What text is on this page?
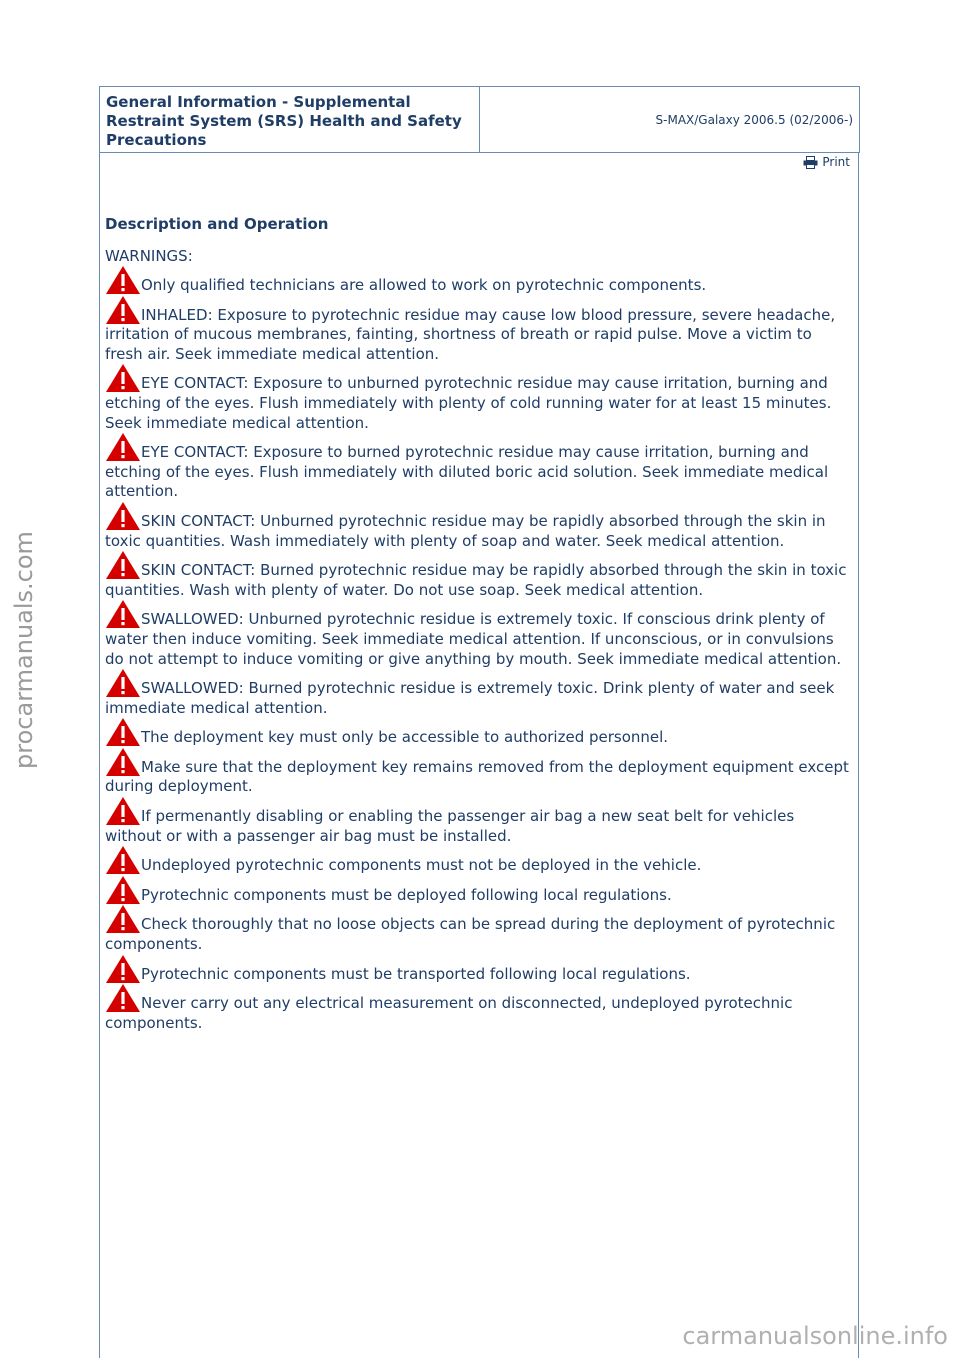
General Information - Supplemental Restraint System (SRS) Health and Safety Precautions
S-MAX/Galaxy 2006.5 (02/2006-)
Print
Description and Operation
WARNINGS:
Only qualified technicians are allowed to work on pyrotechnic components.
INHALED: Exposure to pyrotechnic residue may cause low blood pressure, severe headache, irritation of mucous membranes, fainting, shortness of breath or rapid pulse. Move a victim to fresh air. Seek immediate medical attention.
EYE CONTACT: Exposure to unburned pyrotechnic residue may cause irritation, burning and etching of the eyes. Flush immediately with plenty of cold running water for at least 15 minutes. Seek immediate medical attention.
EYE CONTACT: Exposure to burned pyrotechnic residue may cause irritation, burning and etching of the eyes. Flush immediately with diluted boric acid solution. Seek immediate medical attention.
SKIN CONTACT: Unburned pyrotechnic residue may be rapidly absorbed through the skin in toxic quantities. Wash immediately with plenty of soap and water. Seek medical attention.
SKIN CONTACT: Burned pyrotechnic residue may be rapidly absorbed through the skin in toxic quantities. Wash with plenty of water. Do not use soap. Seek medical attention.
SWALLOWED: Unburned pyrotechnic residue is extremely toxic. If conscious drink plenty of water then induce vomiting. Seek immediate medical attention. If unconscious, or in convulsions do not attempt to induce vomiting or give anything by mouth. Seek immediate medical attention.
SWALLOWED: Burned pyrotechnic residue is extremely toxic. Drink plenty of water and seek immediate medical attention.
The deployment key must only be accessible to authorized personnel.
Make sure that the deployment key remains removed from the deployment equipment except during deployment.
If permenantly disabling or enabling the passenger air bag a new seat belt for vehicles without or with a passenger air bag must be installed.
Undeployed pyrotechnic components must not be deployed in the vehicle.
Pyrotechnic components must be deployed following local regulations.
Check thoroughly that no loose objects can be spread during the deployment of pyrotechnic components.
Pyrotechnic components must be transported following local regulations.
Never carry out any electrical measurement on disconnected, undeployed pyrotechnic components.
procarmanuals.com
carmanualsonline.info
